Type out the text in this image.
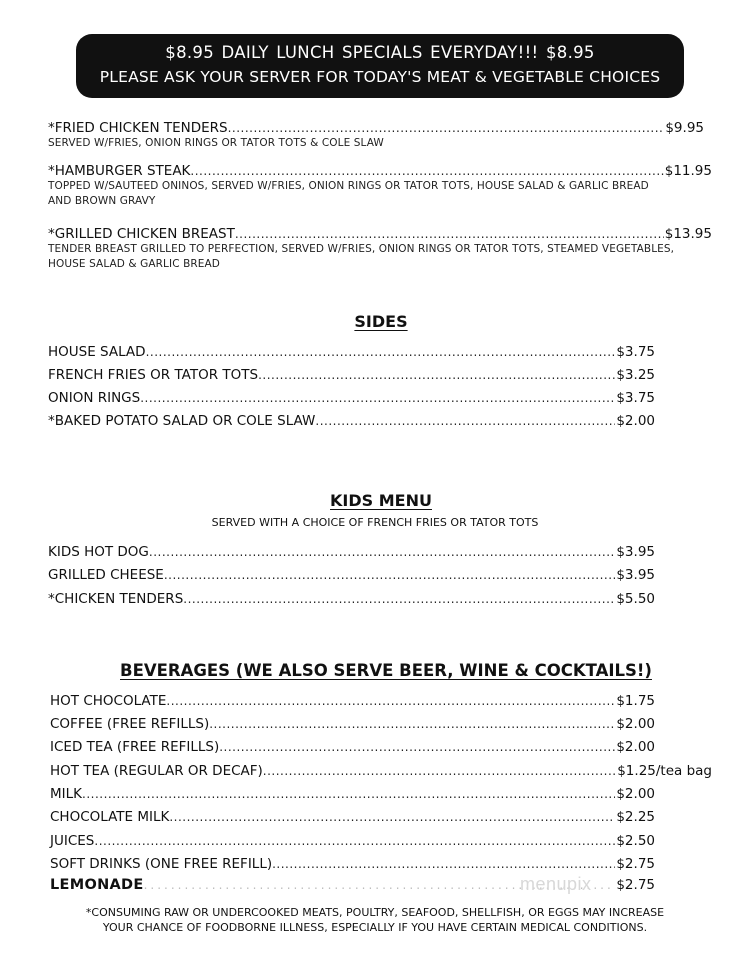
$8.95 DAILY LUNCH SPECIALS EVERYDAY!!! $8.95
PLEASE ASK YOUR SERVER FOR TODAY'S MEAT & VEGETABLE CHOICES
*FRIED CHICKEN TENDERS .....	$9.95
SERVED W/FRIES, ONION RINGS OR TATOR TOTS & COLE SLAW
*HAMBURGER STEAK .....	$11.95
TOPPED W/SAUTEED ONINOS, SERVED W/FRIES, ONION RINGS OR TATOR TOTS, HOUSE SALAD & GARLIC BREAD AND BROWN GRAVY
*GRILLED CHICKEN BREAST .....	$13.95
TENDER BREAST GRILLED TO PERFECTION, SERVED W/FRIES, ONION RINGS OR TATOR TOTS, STEAMED VEGETABLES, HOUSE SALAD & GARLIC BREAD
SIDES
HOUSE SALAD .....	$3.75
FRENCH FRIES OR TATOR TOTS .....	$3.25
ONION RINGS .....	$3.75
*BAKED POTATO SALAD OR COLE SLAW .....	$2.00
KIDS MENU
SERVED WITH A CHOICE OF FRENCH FRIES OR TATOR TOTS
KIDS HOT DOG .....	$3.95
GRILLED CHEESE .....	$3.95
*CHICKEN TENDERS .....	$5.50
BEVERAGES (WE ALSO SERVE BEER, WINE & COCKTAILS!)
HOT CHOCOLATE .....	$1.75
COFFEE (FREE REFILLS) .....	$2.00
ICED TEA (FREE REFILLS) .....	$2.00
HOT TEA (REGULAR OR DECAF) .....	$1.25/tea bag
MILK .....	$2.00
CHOCOLATE MILK .....	$2.25
JUICES .....	$2.50
SOFT DRINKS (ONE FREE REFILL) .....	$2.75
LEMONADE .....	$2.75
menupix
*CONSUMING RAW OR UNDERCOOKED MEATS, POULTRY, SEAFOOD, SHELLFISH, OR EGGS MAY INCREASE
YOUR CHANCE OF FOODBORNE ILLNESS, ESPECIALLY IF YOU HAVE CERTAIN MEDICAL CONDITIONS.
